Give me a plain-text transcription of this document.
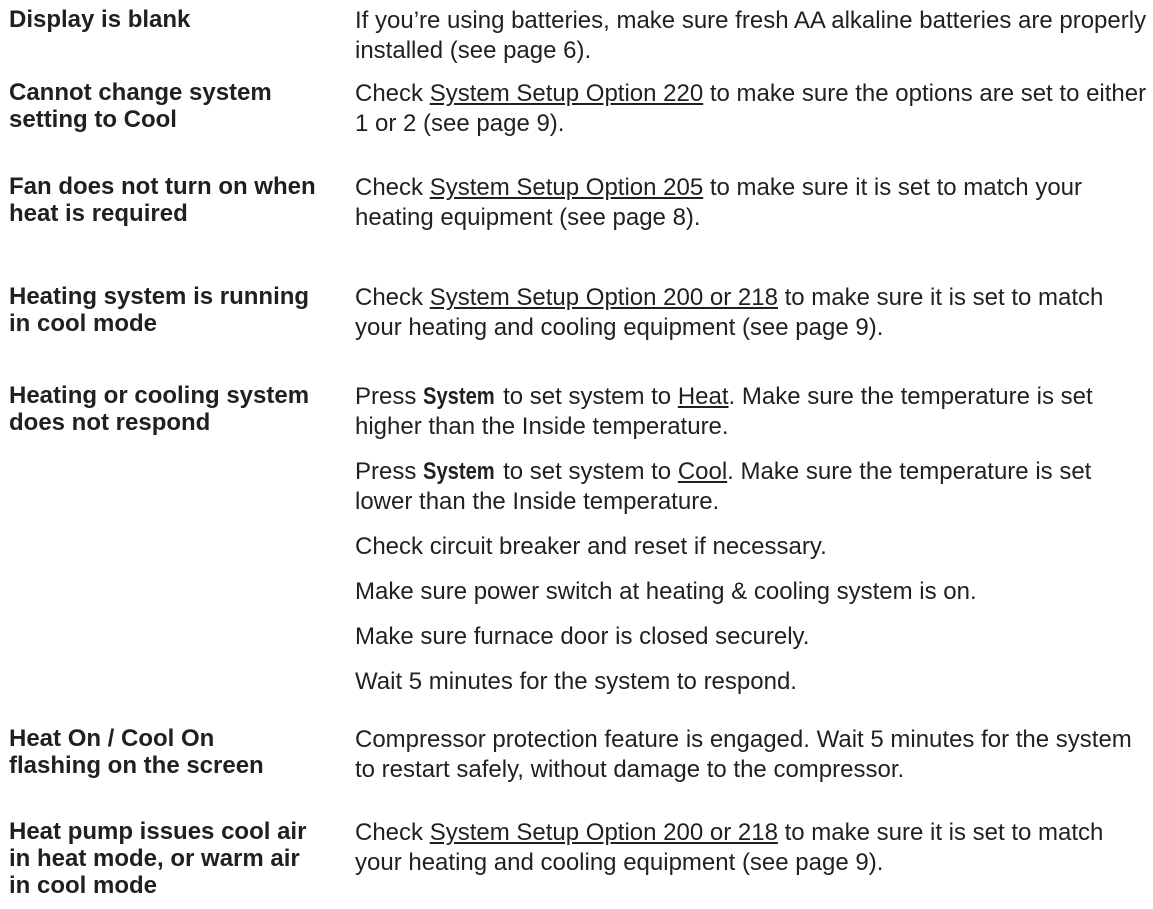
Display is blank	If you’re using batteries, make sure fresh AA alkaline batteries are properly installed (see page 6).

Cannot change system
setting to Cool

Check System Setup Option 220 to make sure the options are set to either 1 or 2 (see page 9).

Fan does not turn on when
heat is required

Check System Setup Option 205 to make sure it is set to match your heating equipment (see page 8).

Heating system is running
in cool mode

Check System Setup Option 200 or 218 to make sure it is set to match your heating and cooling equipment (see page 9).

Heating or cooling system
does not respond

Press System to set system to Heat. Make sure the temperature is set higher than the Inside temperature.

Press System to set system to Cool. Make sure the temperature is set lower than the Inside temperature.

Check circuit breaker and reset if necessary.

Make sure power switch at heating & cooling system is on.

Make sure furnace door is closed securely.

Wait 5 minutes for the system to respond.

Heat On / Cool On
flashing on the screen

Compressor protection feature is engaged. Wait 5 minutes for the system to restart safely, without damage to the compressor.

Heat pump issues cool air
in heat mode, or warm air
in cool mode

Check System Setup Option 200 or 218 to make sure it is set to match your heating and cooling equipment (see page 9).
